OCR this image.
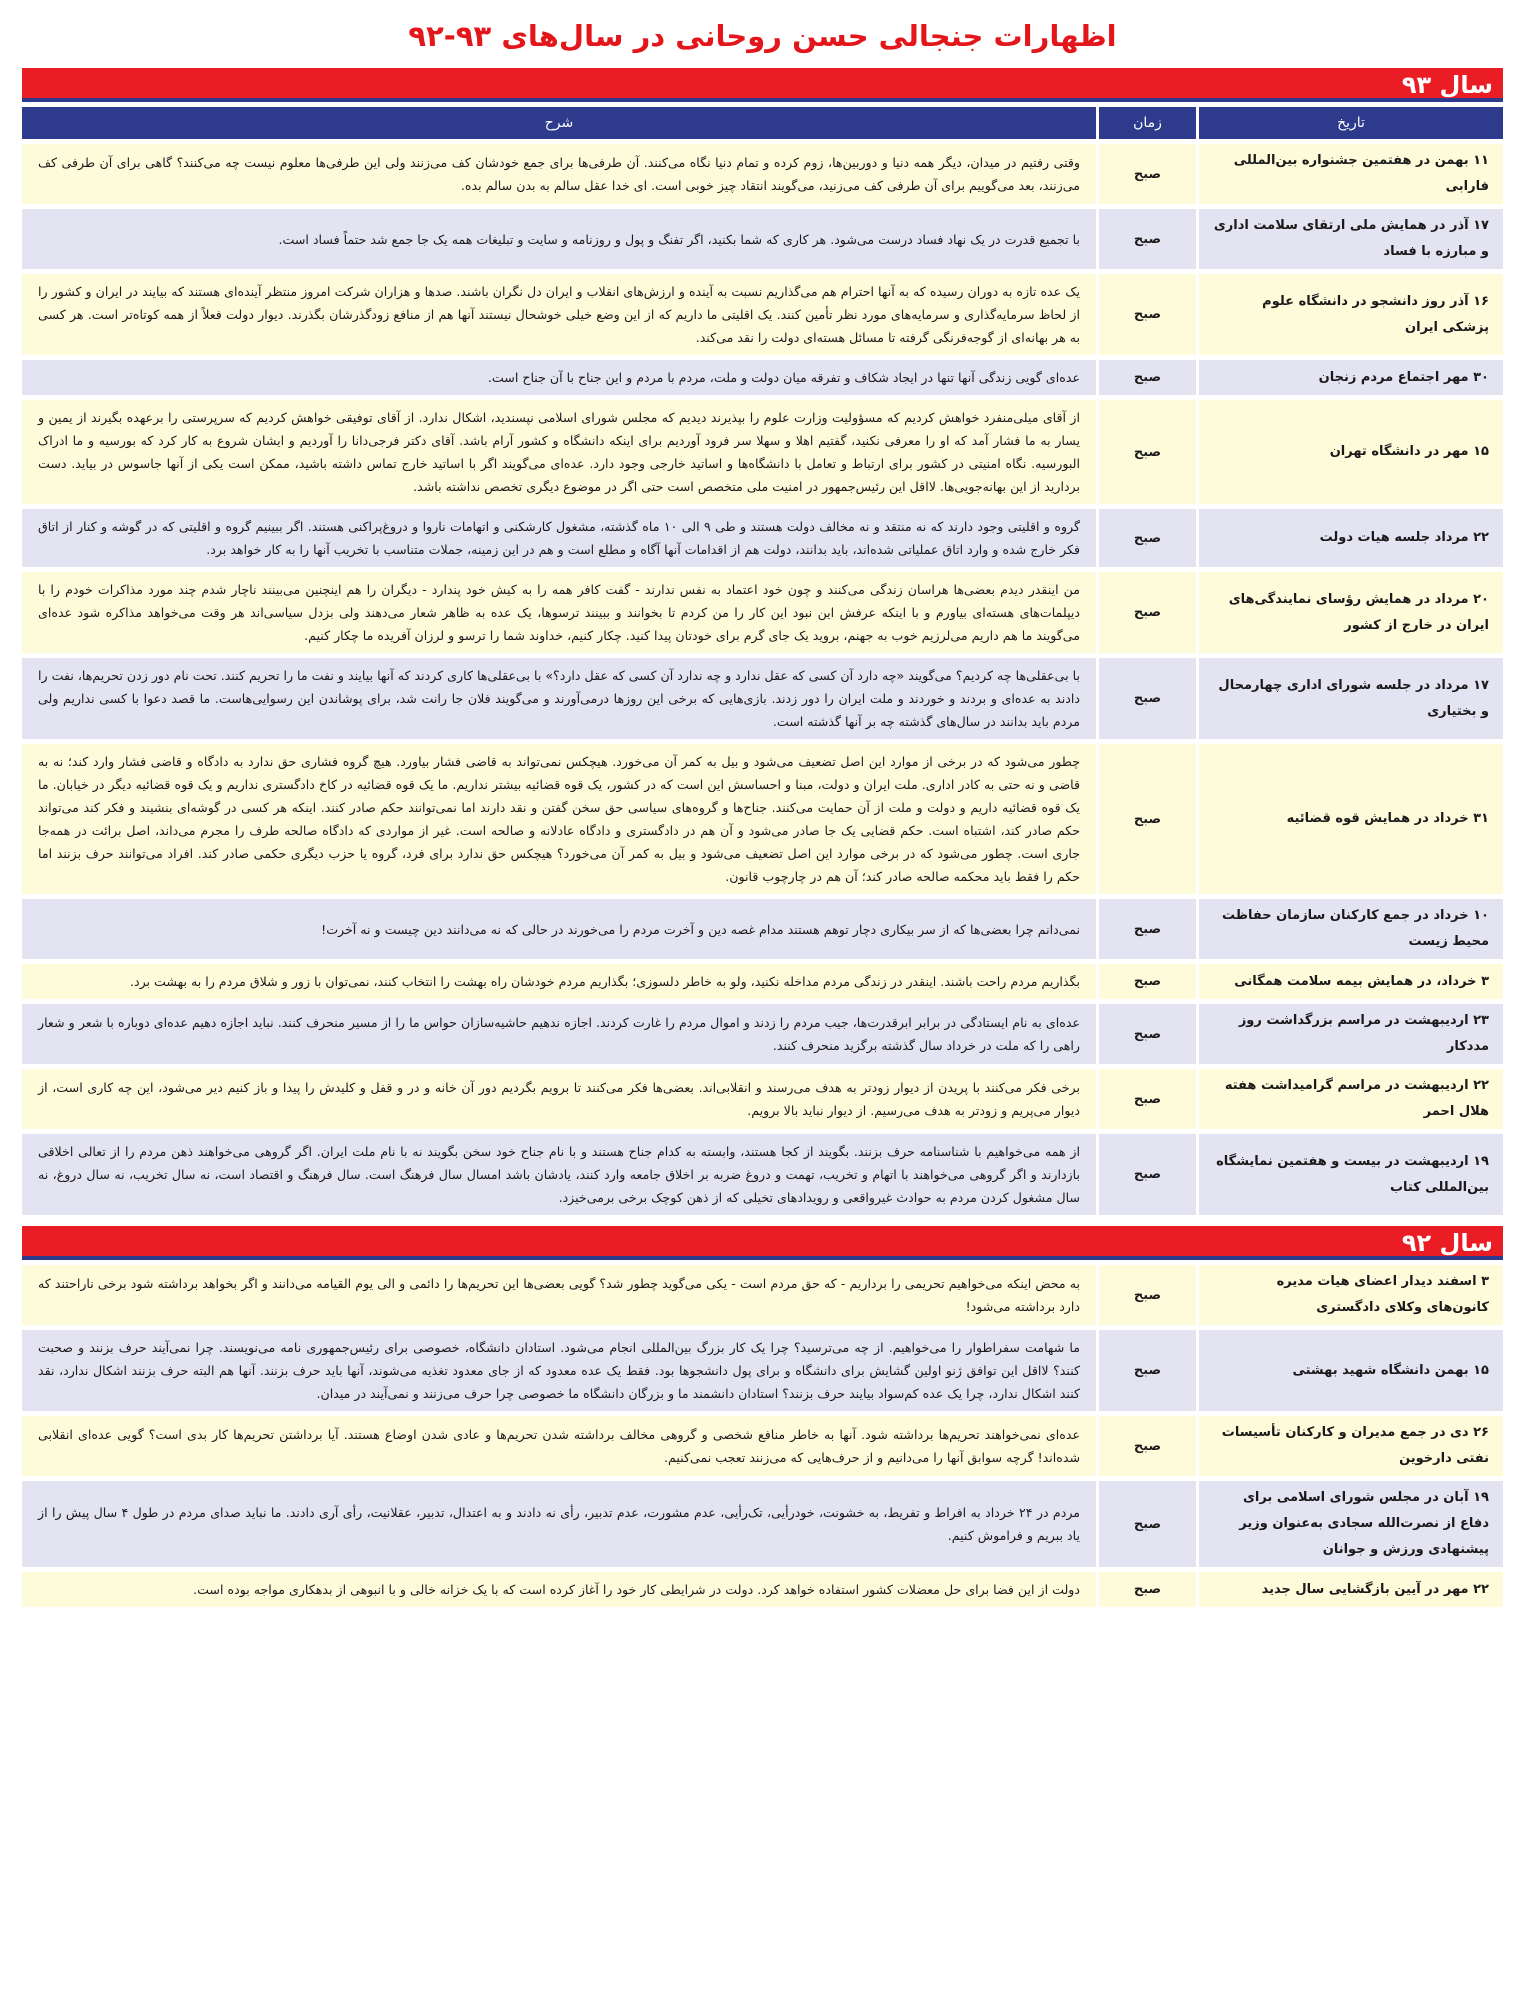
اظهارات جنجالی حسن روحانی در سال‌های ۹۳-۹۲
سال ۹۳
تاریخ	زمان	شرح
۱۱ بهمن در هفتمین جشنواره بین‌المللی فارابی	صبح	وقتی رفتیم در میدان، دیگر همه دنیا و دوربین‌ها، زوم کرده و تمام دنیا نگاه می‌کنند. آن طرفی‌ها برای جمع خودشان کف می‌زنند ولی این طرفی‌ها معلوم نیست چه می‌کنند؟ گاهی برای آن طرفی کف می‌زنند، بعد می‌گوییم برای آن طرفی کف می‌زنید، می‌گویند انتقاد چیز خوبی است. ای خدا عقل سالم به بدن سالم بده.
۱۷ آذر در همایش ملی ارتقای سلامت اداری و مبارزه با فساد	صبح	با تجمیع قدرت در یک نهاد فساد درست می‌شود. هر کاری که شما بکنید، اگر تفنگ و پول و روزنامه و سایت و تبلیغات همه یک جا جمع شد حتماً فساد است.
۱۶ آذر روز دانشجو در دانشگاه علوم پزشکی ایران	صبح	یک عده تازه به دوران رسیده که به آنها احترام هم می‌گذاریم نسبت به آینده و ارزش‌های انقلاب و ایران دل نگران باشند. صدها و هزاران شرکت امروز منتظر آینده‌ای هستند که بیایند در ایران و کشور را از لحاظ سرمایه‌گذاری و سرمایه‌های مورد نظر تأمین کنند. یک اقلیتی ما داریم که از این وضع خیلی خوشحال نیستند آنها هم از منافع زودگذرشان بگذرند. دیوار دولت فعلاً از همه کوتاه‌تر است. هر کسی به هر بهانه‌ای از گوجه‌فرنگی گرفته تا مسائل هسته‌ای دولت را نقد می‌کند.
۳۰ مهر اجتماع مردم زنجان	صبح	عده‌ای گویی زندگی آنها تنها در ایجاد شکاف و تفرقه میان دولت و ملت، مردم با مردم و این جناح با آن جناح است.
۱۵ مهر در دانشگاه تهران	صبح	از آقای میلی‌منفرد خواهش کردیم که مسؤولیت وزارت علوم را بپذیرند دیدیم که مجلس شورای اسلامی نپسندید، اشکال ندارد. از آقای توفیقی خواهش کردیم که سرپرستی را برعهده بگیرند از یمین و یسار به ما فشار آمد که او را معرفی نکنید، گفتیم اهلا و سهلا سر فرود آوردیم برای اینکه دانشگاه و کشور آرام باشد. آقای دکتر فرجی‌دانا را آوردیم و ایشان شروع به کار کرد که بورسیه و ما ادراک البورسیه. نگاه امنیتی در کشور برای ارتباط و تعامل با دانشگاه‌ها و اساتید خارجی وجود دارد. عده‌ای می‌گویند اگر با اساتید خارج تماس داشته باشید، ممکن است یکی از آنها جاسوس در بیاید. دست بردارید از این بهانه‌جویی‌ها. لااقل این رئیس‌جمهور در امنیت ملی متخصص است حتی اگر در موضوع دیگری تخصص نداشته باشد.
۲۲ مرداد جلسه هیات دولت	صبح	گروه و اقلیتی وجود دارند که نه منتقد و نه مخالف دولت هستند و طی ۹ الی ۱۰ ماه گذشته، مشغول کارشکنی و اتهامات ناروا و دروغ‌پراکنی هستند. اگر ببینیم گروه و اقلیتی که در گوشه و کنار از اتاق فکر خارج شده و وارد اتاق عملیاتی شده‌اند، باید بدانند، دولت هم از اقدامات آنها آگاه و مطلع است و هم در این زمینه، جملات متناسب با تخریب آنها را به کار خواهد برد.
۲۰ مرداد در همایش رؤسای نمایندگی‌های ایران در خارج از کشور	صبح	من اینقدر دیدم بعضی‌ها هراسان زندگی می‌کنند و چون خود اعتماد به نفس ندارند - گفت کافر همه را به کیش خود پندارد - دیگران را هم اینچنین می‌بینند ناچار شدم چند مورد مذاکرات خودم را با دیپلمات‌های هسته‌ای بیاورم و با اینکه عرفش این نبود این کار را من کردم تا بخوانند و ببینند ترسوها، یک عده به ظاهر شعار می‌دهند ولی بزدل سیاسی‌اند هر وقت می‌خواهد مذاکره شود عده‌ای می‌گویند ما هم داریم می‌لرزیم خوب به جهنم، بروید یک جای گرم برای خودتان پیدا کنید. چکار کنیم، خداوند شما را ترسو و لرزان آفریده ما چکار کنیم.
۱۷ مرداد در جلسه شورای اداری چهارمحال و بختیاری	صبح	با بی‌عقلی‌ها چه کردیم؟ می‌گویند «چه دارد آن کسی که عقل ندارد و چه ندارد آن کسی که عقل دارد؟» با بی‌عقلی‌ها کاری کردند که آنها بیایند و نفت ما را تحریم کنند. تحت نام دور زدن تحریم‌ها، نفت را دادند به عده‌ای و بردند و خوردند و ملت ایران را دور زدند. بازی‌هایی که برخی این روزها درمی‌آورند و می‌گویند فلان جا رانت شد، برای پوشاندن این رسوایی‌هاست. ما قصد دعوا با کسی نداریم ولی مردم باید بدانند در سال‌های گذشته چه بر آنها گذشته است.
۳۱ خرداد در همایش قوه قضائیه	صبح	چطور می‌شود که در برخی از موارد این اصل تضعیف می‌شود و بیل به کمر آن می‌خورد. هیچکس نمی‌تواند به قاضی فشار بیاورد. هیچ گروه فشاری حق ندارد به دادگاه و قاضی فشار وارد کند؛ نه به قاضی و نه حتی به کادر اداری. ملت ایران و دولت، مبنا و احساسش این است که در کشور، یک قوه قضائیه بیشتر نداریم. ما یک قوه قضائیه در کاخ دادگستری نداریم و یک قوه قضائیه دیگر در خیابان. ما یک قوه قضائیه داریم و دولت و ملت از آن حمایت می‌کنند. جناح‌ها و گروه‌های سیاسی حق سخن گفتن و نقد دارند اما نمی‌توانند حکم صادر کنند. اینکه هر کسی در گوشه‌ای بنشیند و فکر کند می‌تواند حکم صادر کند، اشتباه است. حکم قضایی یک جا صادر می‌شود و آن هم در دادگستری و دادگاه عادلانه و صالحه است. غیر از مواردی که دادگاه صالحه طرف را مجرم می‌داند، اصل برائت در همه‌جا جاری است. چطور می‌شود که در برخی موارد این اصل تضعیف می‌شود و بیل به کمر آن می‌خورد؟ هیچکس حق ندارد برای فرد، گروه یا حزب دیگری حکمی صادر کند. افراد می‌توانند حرف بزنند اما حکم را فقط باید محکمه صالحه صادر کند؛ آن هم در چارچوب قانون.
۱۰ خرداد در جمع کارکنان سازمان حفاظت محیط زیست	صبح	نمی‌دانم چرا بعضی‌ها که از سر بیکاری دچار توهم هستند مدام غصه دین و آخرت مردم را می‌خورند در حالی که نه می‌دانند دین چیست و نه آخرت!
۳ خرداد، در همایش بیمه سلامت همگانی	صبح	بگذاریم مردم راحت باشند. اینقدر در زندگی مردم مداخله نکنید، ولو به خاطر دلسوزی؛ بگذاریم مردم خودشان راه بهشت را انتخاب کنند، نمی‌توان با زور و شلاق مردم را به بهشت برد.
۲۳ اردیبهشت در مراسم بزرگداشت روز مددکار	صبح	عده‌ای به نام ایستادگی در برابر ابرقدرت‌ها، جیب مردم را زدند و اموال مردم را غارت کردند. اجازه ندهیم حاشیه‌سازان حواس ما را از مسیر منحرف کنند. نباید اجازه دهیم عده‌ای دوباره با شعر و شعار راهی را که ملت در خرداد سال گذشته برگزید منحرف کنند.
۲۲ اردیبهشت در مراسم گرامیداشت هفته هلال احمر	صبح	برخی فکر می‌کنند با پریدن از دیوار زودتر به هدف می‌رسند و انقلابی‌اند. بعضی‌ها فکر می‌کنند تا برویم بگردیم دور آن خانه و در و قفل و کلیدش را پیدا و باز کنیم دیر می‌شود، این چه کاری است، از دیوار می‌پریم و زودتر به هدف می‌رسیم. از دیوار نباید بالا برویم.
۱۹ اردیبهشت در بیست و هفتمین نمایشگاه بین‌المللی کتاب	صبح	از همه می‌خواهیم با شناسنامه حرف بزنند. بگویند از کجا هستند، وابسته به کدام جناح هستند و با نام جناح خود سخن بگویند نه با نام ملت ایران. اگر گروهی می‌خواهند ذهن مردم را از تعالی اخلاقی بازدارند و اگر گروهی می‌خواهند با اتهام و تخریب، تهمت و دروغ ضربه بر اخلاق جامعه وارد کنند، یادشان باشد امسال سال فرهنگ است. سال فرهنگ و اقتصاد است، نه سال تخریب، نه سال دروغ، نه سال مشغول کردن مردم به حوادث غیرواقعی و رویدادهای تخیلی که از ذهن کوچک برخی برمی‌خیزد.
سال ۹۲
۳ اسفند دیدار اعضای هیات مدیره کانون‌های وکلای دادگستری	صبح	به محض اینکه می‌خواهیم تحریمی را برداریم - که حق مردم است - یکی می‌گوید چطور شد؟ گویی بعضی‌ها این تحریم‌ها را دائمی و الی یوم القیامه می‌دانند و اگر بخواهد برداشته شود برخی ناراحتند که دارد برداشته می‌شود!
۱۵ بهمن دانشگاه شهید بهشتی	صبح	ما شهامت سفراطوار را می‌خواهیم. از چه می‌ترسید؟ چرا یک کار بزرگ بین‌المللی انجام می‌شود. استادان دانشگاه، خصوصی برای رئیس‌جمهوری نامه می‌نویسند. چرا نمی‌آیند حرف بزنند و صحبت کنند؟ لااقل این توافق ژنو اولین گشایش برای دانشگاه و برای پول دانشجوها بود. فقط یک عده معدود که از جای معدود تغذیه می‌شوند، آنها باید حرف بزنند. آنها هم البته حرف بزنند اشکال ندارد، نقد کنند اشکال ندارد، چرا یک عده کم‌سواد بیایند حرف بزنند؟ استادان دانشمند ما و بزرگان دانشگاه ما خصوصی چرا حرف می‌زنند و نمی‌آیند در میدان.
۲۶ دی در جمع مدیران و کارکنان تأسیسات نفتی دارخوین	صبح	عده‌ای نمی‌خواهند تحریم‌ها برداشته شود. آنها به خاطر منافع شخصی و گروهی مخالف برداشته شدن تحریم‌ها و عادی شدن اوضاع هستند. آیا برداشتن تحریم‌ها کار بدی است؟ گویی عده‌ای انقلابی شده‌اند! گرچه سوابق آنها را می‌دانیم و از حرف‌هایی که می‌زنند تعجب نمی‌کنیم.
۱۹ آبان در مجلس شورای اسلامی برای دفاع از نصرت‌الله سجادی به‌عنوان وزیر پیشنهادی ورزش و جوانان	صبح	مردم در ۲۴ خرداد به افراط و تفریط، به خشونت، خودرأیی، تک‌رأیی، عدم مشورت، عدم تدبیر، رأی نه دادند و به اعتدال، تدبیر، عقلانیت، رأی آری دادند. ما نباید صدای مردم در طول ۴ سال پیش را از یاد ببریم و فراموش کنیم.
۲۲ مهر در آیین بازگشایی سال جدید	صبح	دولت از این فضا برای حل معضلات کشور استفاده خواهد کرد. دولت در شرایطی کار خود را آغاز کرده است که با یک خزانه خالی و با انبوهی از بدهکاری مواجه بوده است.
